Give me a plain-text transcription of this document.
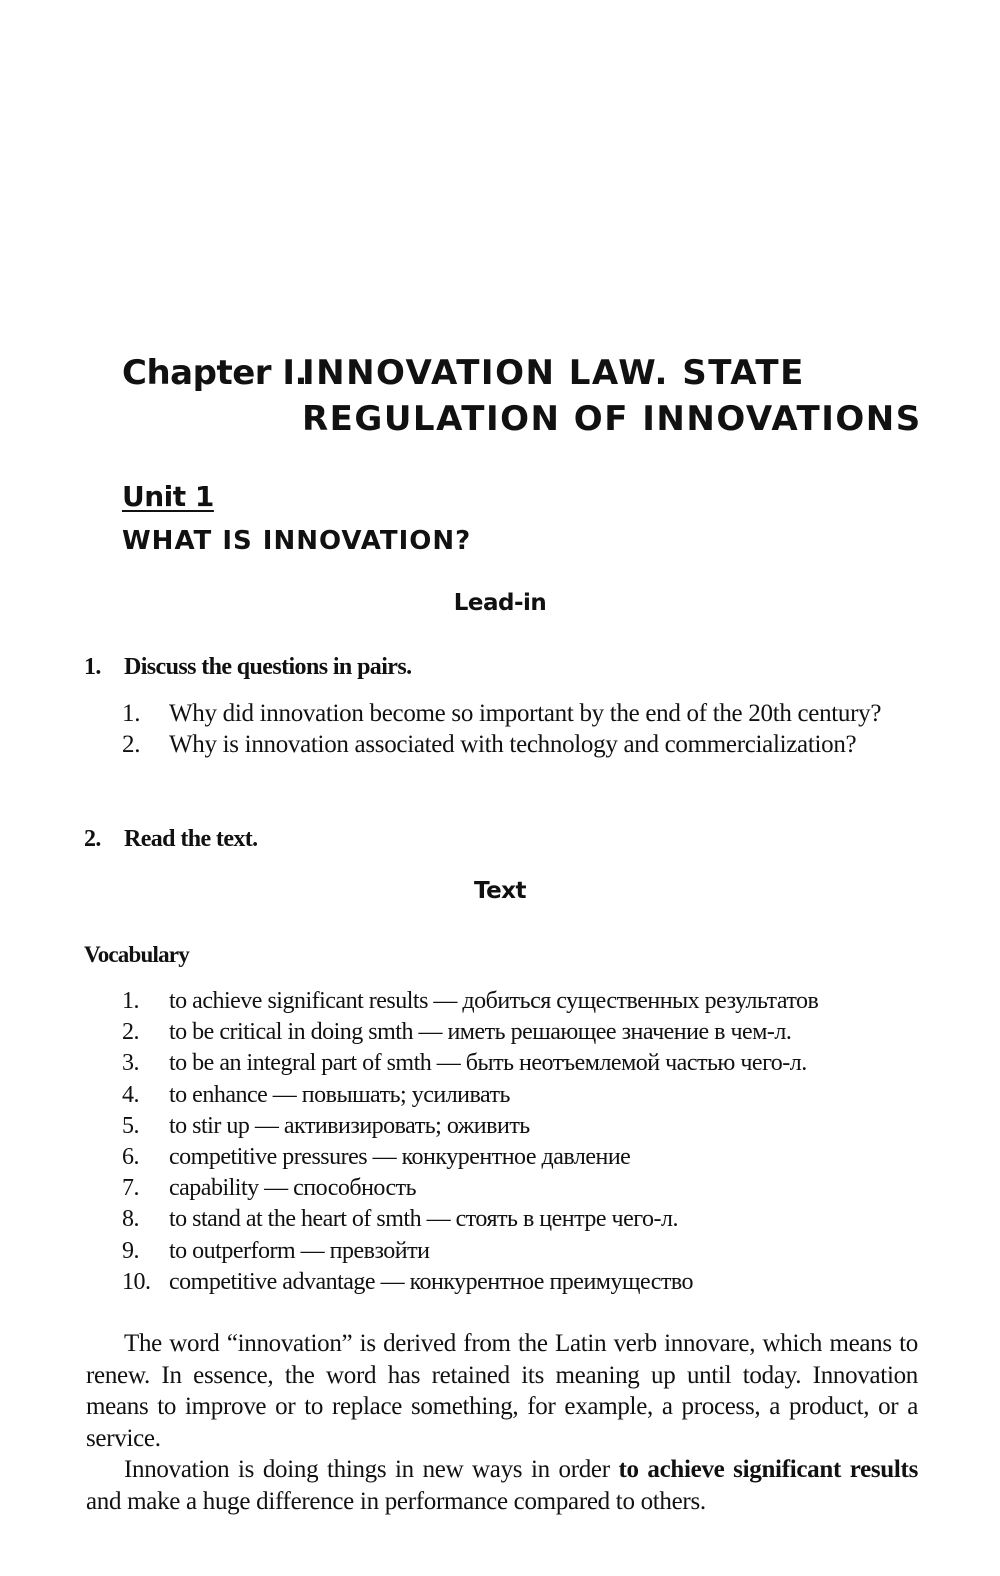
Chapter I.
INNOVATION LAW. STATE
REGULATION OF INNOVATIONS
Unit 1
WHAT IS INNOVATION?
Lead-in
1. Discuss the questions in pairs.
1.	Why did innovation become so important by the end of the 20th century?
2.	Why is innovation associated with technology and commercialization?
2. Read the text.
Text
Vocabulary
1.	to achieve significant results — добиться существенных результатов
2.	to be critical in doing smth — иметь решающее значение в чем-л.
3.	to be an integral part of smth — быть неотъемлемой частью чего-л.
4.	to enhance — повышать; усиливать
5.	to stir up — активизировать; оживить
6.	competitive pressures — конкурентное давление
7.	capability — способность
8.	to stand at the heart of smth — стоять в центре чего-л.
9.	to outperform — превзойти
10. competitive advantage — конкурентное преимущество
The word “innovation” is derived from the Latin verb innovare, which means to renew. In essence, the word has retained its meaning up until today. Innovation means to improve or to replace something, for example, a process, a product, or a service.
Innovation is doing things in new ways in order to achieve significant results and make a huge difference in performance compared to others.
